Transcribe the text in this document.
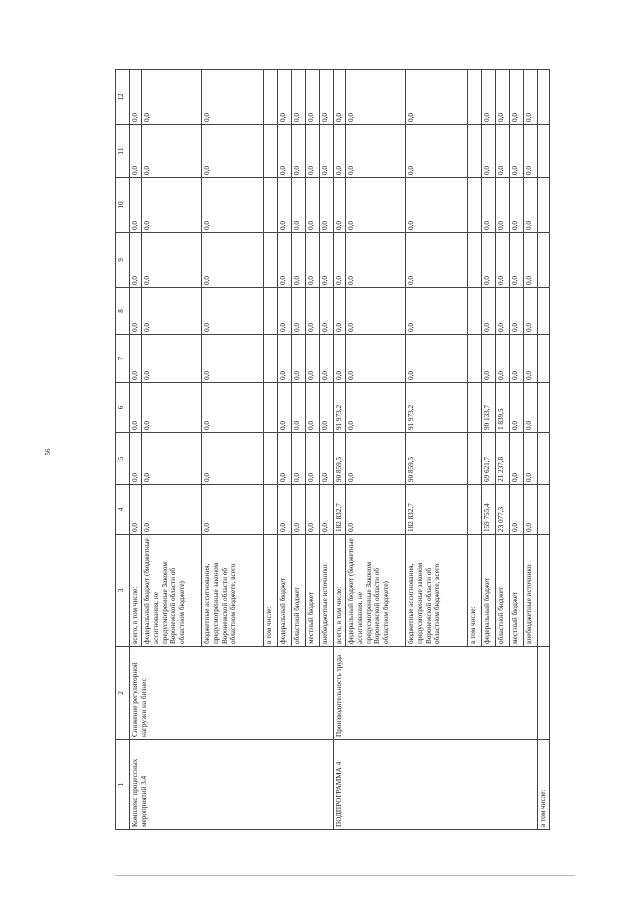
56
1	2	3	4	5	6	7	8	9	10	11	12
Комплекс процессных мероприятий 3.4	Снижение регуляторной нагрузки на бизнес	всего, в том числе:	0,0	0,0	0,0	0,0	0,0	0,0	0,0	0,0	0,0
		федеральный бюджет (бюджетные ассигнования, не предусмотренные Законом Воронежской области об областном бюджете)	0,0	0,0	0,0	0,0	0,0	0,0	0,0	0,0	0,0
		бюджетные ассигнования, предусмотренные законом Воронежской области об областном бюджете, всего	0,0	0,0	0,0	0,0	0,0	0,0	0,0	0,0	0,0
		в том числе:									
		федеральный бюджет	0,0	0,0	0,0	0,0	0,0	0,0	0,0	0,0	0,0
		областной бюджет	0,0	0,0	0,0	0,0	0,0	0,0	0,0	0,0	0,0
		местный бюджет	0,0	0,0	0,0	0,0	0,0	0,0	0,0	0,0	0,0
		внебюджетные источники	0,0	0,0	0,0	0,0	0,0	0,0	0,0	0,0	0,0
ПОДПРОГРАММА 4	Производительность труда	всего, в том числе:	182 832,7	90 859,5	91 973,2	0,0	0,0	0,0	0,0	0,0	0,0
		федеральный бюджет (бюджетные ассигнования, не предусмотренные Законом Воронежской области об областном бюджете)	0,0	0,0	0,0	0,0	0,0	0,0	0,0	0,0	0,0
		бюджетные ассигнования, предусмотренные законом Воронежской области об областном бюджете, всего	182 832,7	90 859,5	91 973,2	0,0	0,0	0,0	0,0	0,0	0,0
		в том числе:									
		федеральный бюджет	159 755,4	69 621,7	90 133,7	0,0	0,0	0,0	0,0	0,0	0,0
		областной бюджет	23 077,3	21 237,8	1 839,5	0,0	0,0	0,0	0,0	0,0	0,0
		местный бюджет	0,0	0,0	0,0	0,0	0,0	0,0	0,0	0,0	0,0
		внебюджетные источники	0,0	0,0	0,0	0,0	0,0	0,0	0,0	0,0	0,0
в том числе:											
